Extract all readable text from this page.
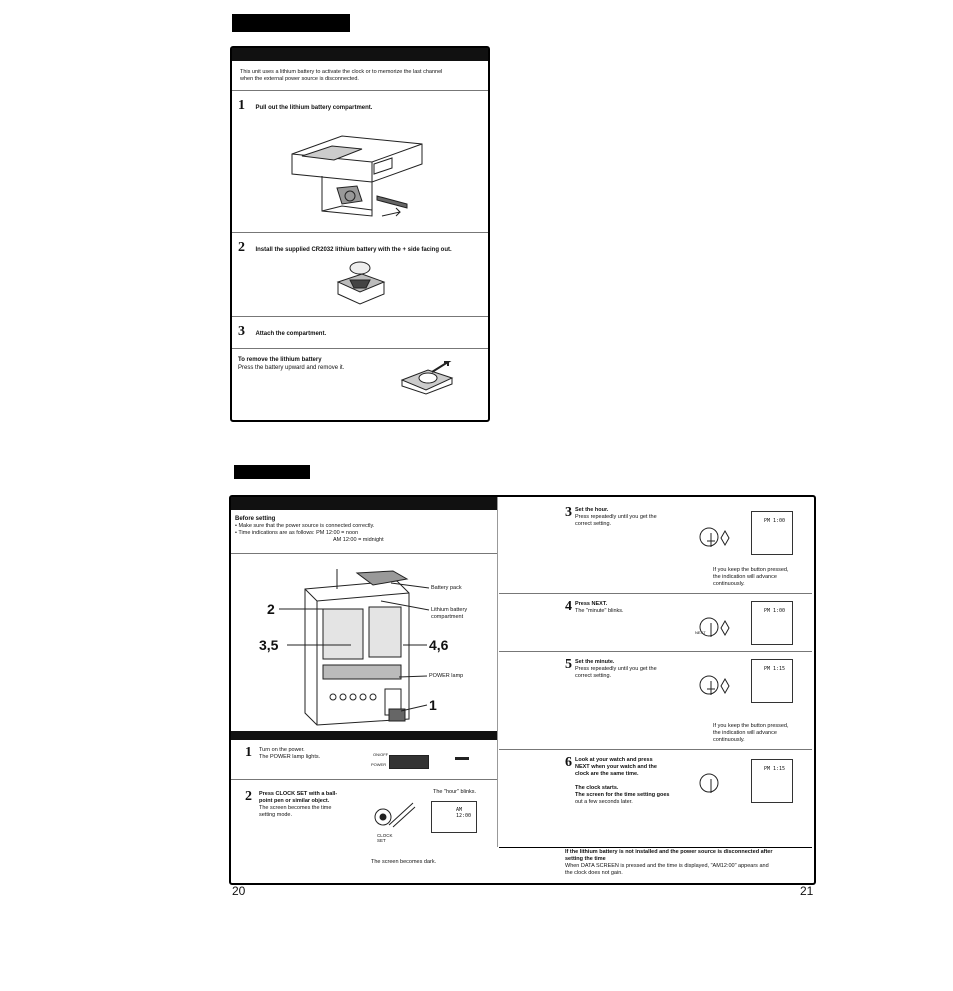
This unit uses a lithium battery to activate the clock or to memorize the last channel
when the external power source is disconnected.
1 Pull out the lithium battery compartment.
2 Install the supplied CR2032 lithium battery with the + side facing out.
3 Attach the compartment.
To remove the lithium battery
Press the battery upward and remove it.
Before setting
• Make sure that the power source is connected correctly.
• Time indications are as follows: PM 12:00 = noon
AM 12:00 = midnight
Battery pack
Lithium battery
compartment
POWER lamp
2
3,5	4,6
1
Example: Set to PM 1:15
1 Turn on the power.
The POWER lamp lights.	ON/OFF
POWER
2 Press CLOCK SET with a ball-
point pen or similar object.
The screen becomes the time
setting mode.
The "hour" blinks.
AM 12:00
CLOCK
SET
The screen becomes dark.
3 Set the hour.
Press repeatedly until you get the
correct setting.	PM 1:00
If you keep the button pressed,
the indication will advance
continuously.
4 Press NEXT.
The "minute" blinks.	PM 1:00
NEXT
5 Set the minute.
Press repeatedly until you get the
correct setting.
PM 1:15
If you keep the button pressed,
the indication will advance
continuously.
6 Look at your watch and press
NEXT when your watch and the
clock are the same time.

The clock starts.
The screen for the time setting goes
out a few seconds later.
PM 1:15
If the lithium battery is not installed and the power source is disconnected after
setting the time
When DATA SCREEN is pressed and the time is displayed, "AM12:00" appears and
the clock does not gain.
20	21
